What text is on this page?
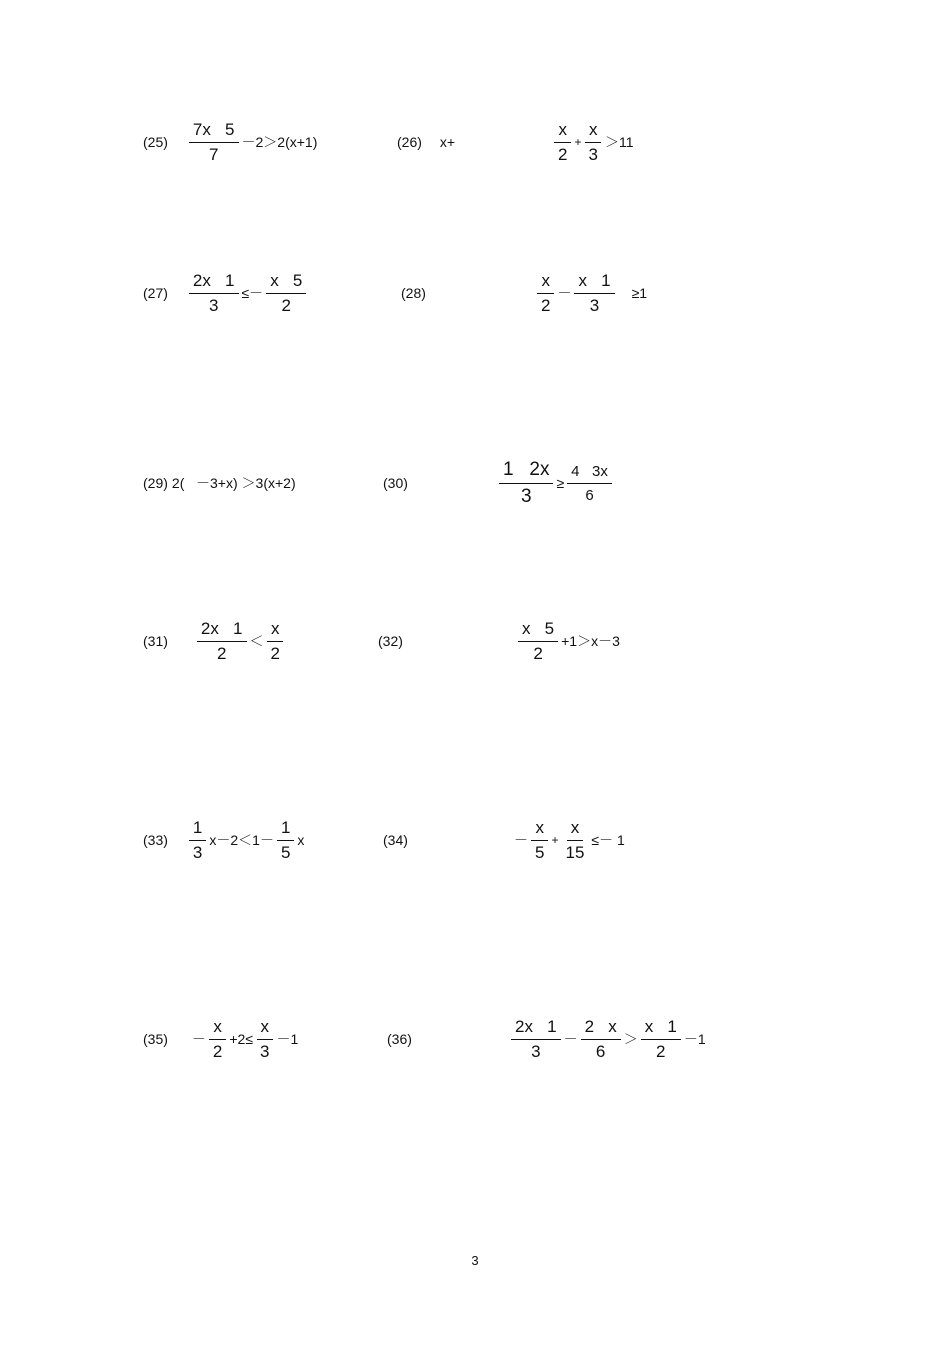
$(25) \frac{7x 5}{7} -2>2(x+1)$	(26) x+	$\frac{x}{2} + \frac{x}{3} >11$
$(27) \frac{2x 1}{3} \le- \frac{x 5}{2}$	(28)	$\frac{x}{2} - \frac{x 1}{3} \ge 1$
(29) 2(   －3+x) ＞3(x+2)	(30)	$\frac{1 2x}{3} \ge \frac{4 3x}{6}$
$(31) \frac{2x 1}{2} < \frac{x}{2}$	(32)	$\frac{x 5}{2} +1>x-3$
$(33) \frac{1}{3} x-2<1- \frac{1}{5}$ x	(34)	－ $\frac{x}{5} + \frac{x}{15} \le- 1$
$(35) - \frac{x}{2} +2\le \frac{x}{3} -1$	(36)	$\frac{2x 1}{3} - \frac{2 x}{6} > \frac{x 1}{2} -1$
3
